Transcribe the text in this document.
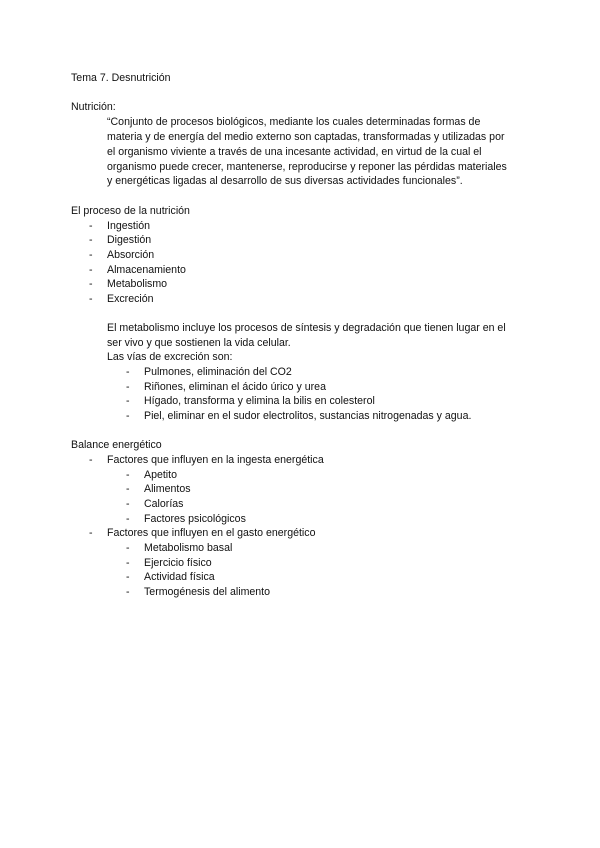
Tema 7. Desnutrición
Nutrición:
“Conjunto de procesos biológicos, mediante los cuales determinadas formas de
materia y de energía del medio externo son captadas, transformadas y utilizadas por
el organismo viviente a través de una incesante actividad, en virtud de la cual el
organismo puede crecer, mantenerse, reproducirse y reponer las pérdidas materiales
y energéticas ligadas al desarrollo de sus diversas actividades funcionales”.
El proceso de la nutrición
- Ingestión
- Digestión
- Absorción
- Almacenamiento
- Metabolismo
- Excreción
El metabolismo incluye los procesos de síntesis y degradación que tienen lugar en el
ser vivo y que sostienen la vida celular.
Las vías de excreción son:
- Pulmones, eliminación del CO2
- Riñones, eliminan el ácido úrico y urea
- Hígado, transforma y elimina la bilis en colesterol
- Piel, eliminar en el sudor electrolitos, sustancias nitrogenadas y agua.
Balance energético
- Factores que influyen en la ingesta energética
- Apetito
- Alimentos
- Calorías
- Factores psicológicos
- Factores que influyen en el gasto energético
- Metabolismo basal
- Ejercicio físico
- Actividad física
- Termogénesis del alimento
